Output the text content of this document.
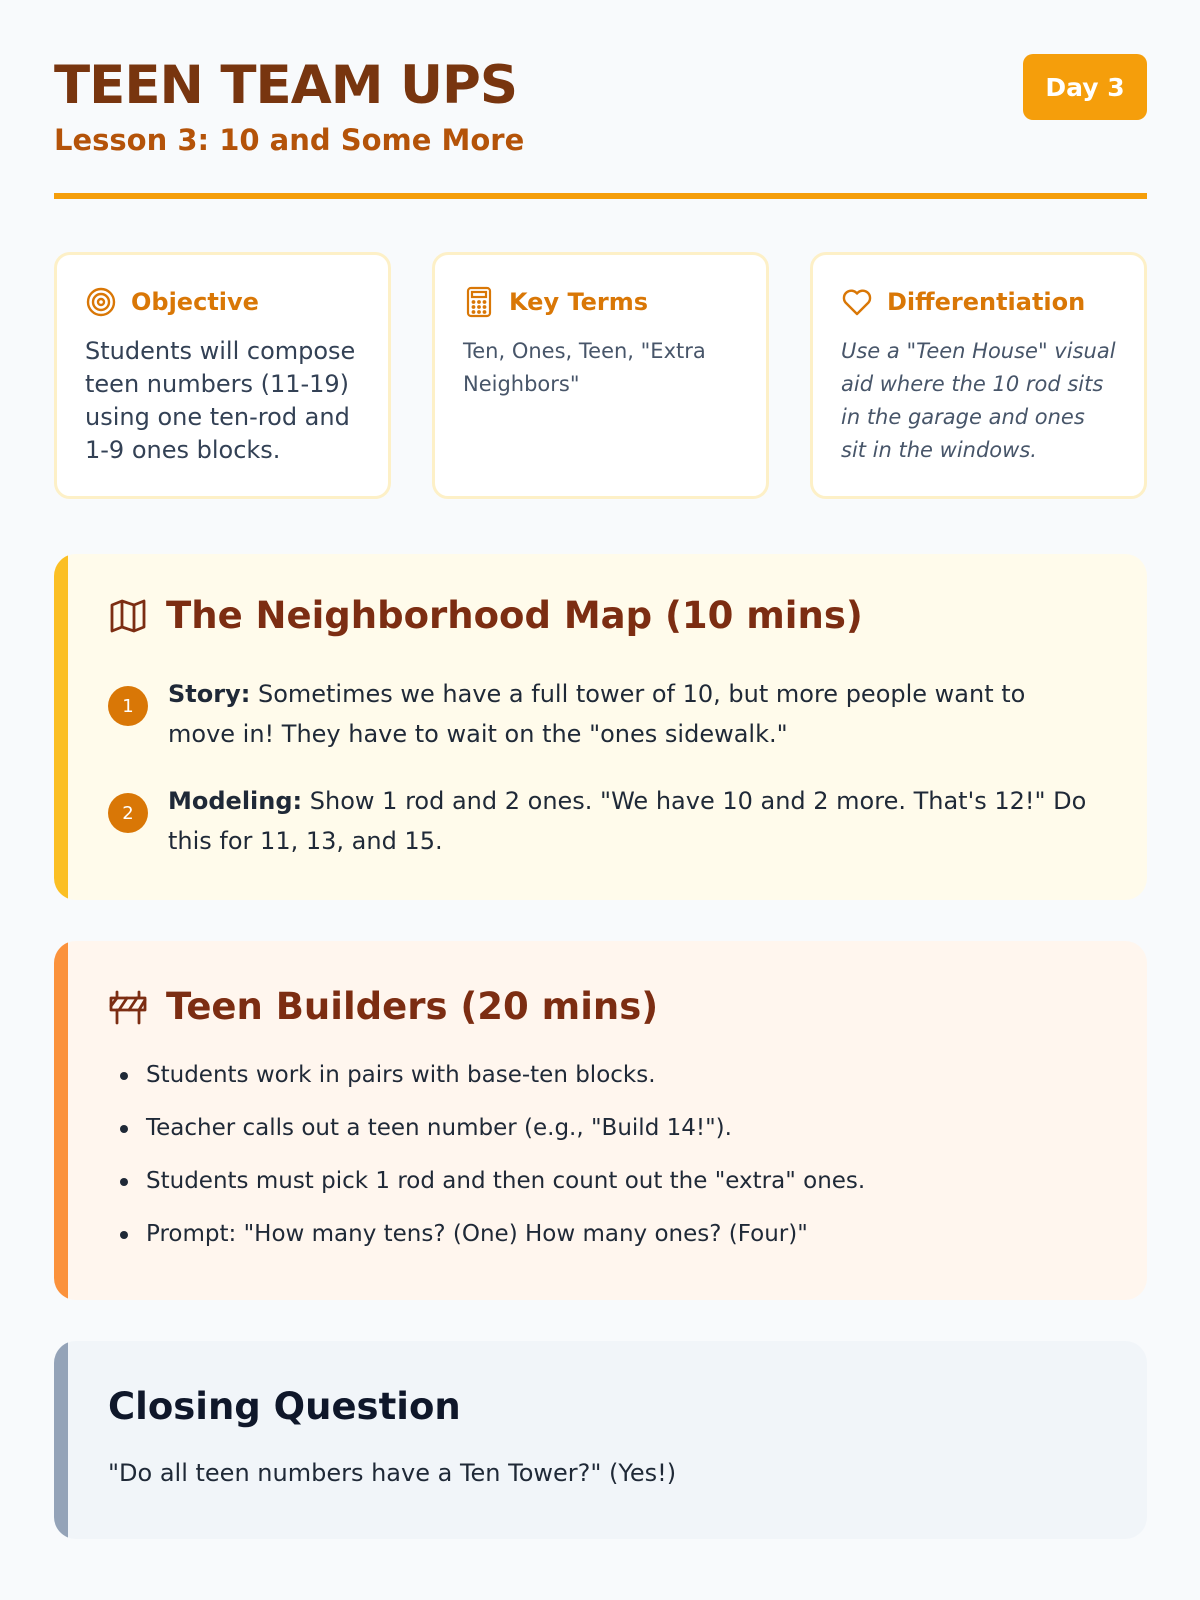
TEEN TEAM UPS
Lesson 3: 10 and Some More
Day 3
Objective
Students will compose teen numbers (11-19) using one ten-rod and 1-9 ones blocks.
Key Terms
Ten, Ones, Teen, "Extra Neighbors"
Differentiation
Use a "Teen House" visual aid where the 10 rod sits in the garage and ones sit in the windows.
The Neighborhood Map (10 mins)
1	Story: Sometimes we have a full tower of 10, but more people want to move in! They have to wait on the "ones sidewalk."
2	Modeling: Show 1 rod and 2 ones. "We have 10 and 2 more. That's 12!" Do this for 11, 13, and 15.
Teen Builders (20 mins)
Students work in pairs with base-ten blocks.
Teacher calls out a teen number (e.g., "Build 14!").
Students must pick 1 rod and then count out the "extra" ones.
Prompt: "How many tens? (One) How many ones? (Four)"
Closing Question
"Do all teen numbers have a Ten Tower?" (Yes!)
